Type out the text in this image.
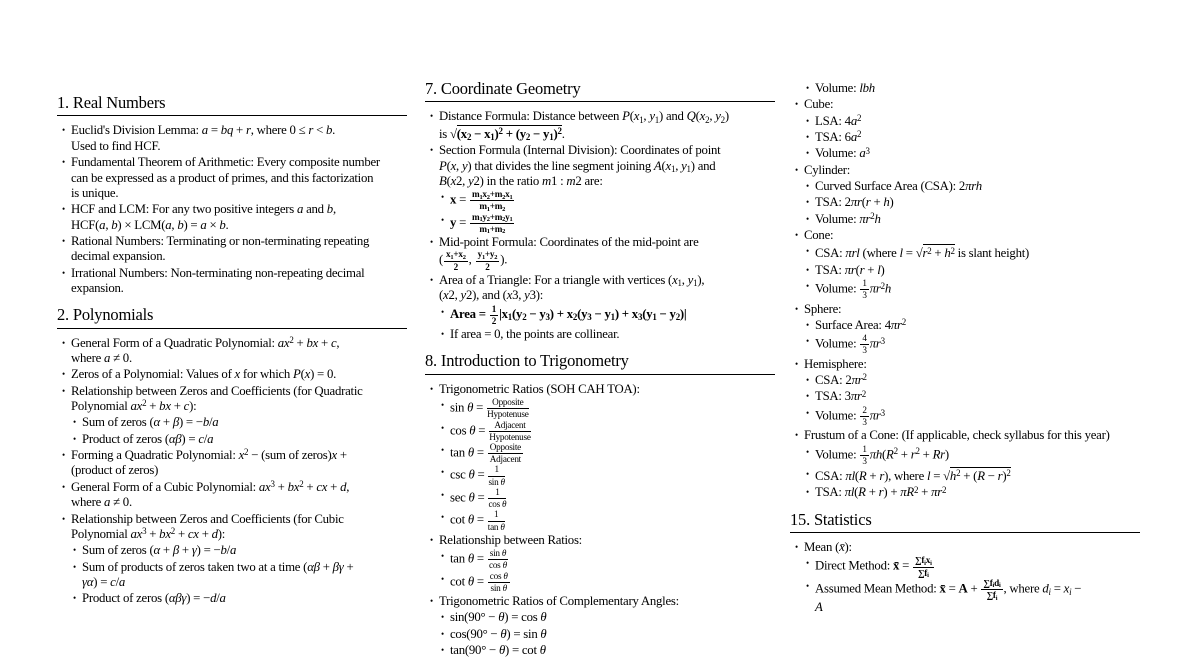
1. Real Numbers
• Euclid's Division Lemma: a = bq + r, where 0 ≤ r < b.
Used to find HCF.
• Fundamental Theorem of Arithmetic: Every composite number
can be expressed as a product of primes, and this factorization
is unique.
• HCF and LCM: For any two positive integers a and b,
HCF(a, b) × LCM(a, b) = a × b.
• Rational Numbers: Terminating or non-terminating repeating
decimal expansion.
• Irrational Numbers: Non-terminating non-repeating decimal
expansion.
2. Polynomials
• General Form of a Quadratic Polynomial: $ax^2$ + bx + c,
where a ≠ 0.
• Zeros of a Polynomial: Values of x for which P(x) = 0.
• Relationship between Zeros and Coefficients (for Quadratic
Polynomial $ax^2$ + bx + c):
• Sum of zeros (α + β) = −b/a
• Product of zeros (αβ) = c/a
• Forming a Quadratic Polynomial: $x^2 - (sum$ of zeros)x +
(product of zeros)
• General Form of a Cubic Polynomial: $ax^3 + bx^2$ + cx + d,
where a ≠ 0.
• Relationship between Zeros and Coefficients (for Cubic
Polynomial $ax^3 + bx^2$ + cx + d):
• Sum of zeros (α + β + γ) = −b/a
• Sum of products of zeros taken two at a time (αβ + βγ +
γα) = c/a
• Product of zeros (αβγ) = −d/a
7. Coordinate Geometry
• Distance Formula: Distance between $P(x_1$, $y_1$) and $Q(x_2$, $y_2$)
is $√(x_2 - x_1)^2 + (y_2 - y_1)^2$.
• Section Formula (Internal Division): Coordinates of point
P(x, y) that divides the line segment joining $A(x_1$, $y_1$) and
B(x2, y2) in the ratio m1 : m2 are:
• $x = \frac{m_1x_2+m_2x_1}{m_1+m_2}$
• $y = \frac{m_1y_2+m_2y_1}{m_1+m_2}$
• Mid-point Formula: Coordinates of the mid-point are
( $\frac{x_1+x_2}{2}$ , $\frac{y_1+y_2}{2}$ ).
• Area of a Triangle: For a triangle with vertices ($x_1$, $y_1$),
(x2, y2), and (x3, y3):
• Area = $\frac{1}{2} |x_1(y_2 - y_3) + x_2(y_3 - y_1) + x_3(y_1 - y_2)|$
• If area = 0, the points are collinear.
8. Introduction to Trigonometry
• Trigonometric Ratios (SOH CAH TOA):
• sin θ = Opposite
Hypotenuse
• cos θ = Adjacent
Hypotenuse
• tan θ = Opposite
Adjacent
• $\csc \theta = \frac{1}{\text{sin θ}}$
• $\sec \theta = \frac{1}{\text{cos θ}}$
• $\cot \theta = \frac{1}{\text{tan θ}}$
• Relationship between Ratios:
• $\tan \theta = \frac{\text{sin θ}}{\text{cos θ}}$
• $\cot \theta = \frac{\text{cos θ}}{\text{sin θ}}$
• Trigonometric Ratios of Complementary Angles:
• sin(90° − θ) = cos θ
• cos(90° − θ) = sin θ
• tan(90° − θ) = cot θ
• Volume: lbh
• Cube:
• LSA: $4a^2$
• TSA: $6a^2$
• Volume: $a^3$
• Cylinder:
• Curved Surface Area (CSA): 2πrh
• TSA: 2πr(r + h)
• Volume: $\pi r^2h$
• Cone:
• CSA: πrl (where $l = √r^2 + h^2$ is slant height)
• TSA: πr(r + l)
• Volume: $\frac{1}{3} \pi r^2h$
• Sphere:
• Surface Area: $4\pi r^2$
• Volume: $\frac{4}{3} \pi r^3$
• Hemisphere:
• CSA: $2\pi r^2$
• TSA: $3\pi r^2$
• Volume: $\frac{2}{3} \pi r^3$
• Frustum of a Cone: (If applicable, check syllabus for this year)
• Volume: $\frac{1}{3} \pi h(R^2 + r^2 + Rr)$
• CSA: πl(R + r), where $l = √h^2 + (R - r)^2$
• TSA: $\pi l(R + r) + \pi R^2 + \pi r^2$
15. Statistics
• Mean (x̄):
• Direct Method: x̄ = $\sum f_ix_i$
$\sum f_i$
• Assumed Mean Method: x̄ = $A + \sum f_id_i$
$\sum f_i$
, where $d_i = x_i$ −
A
